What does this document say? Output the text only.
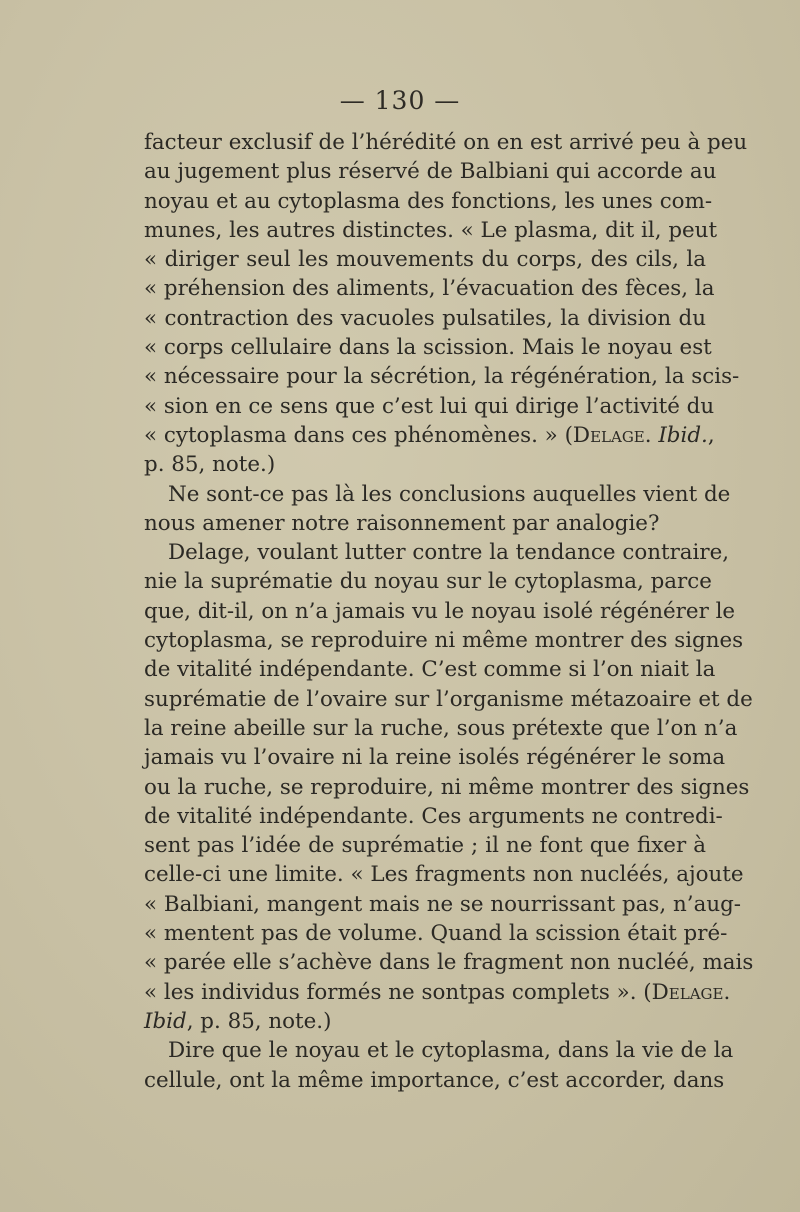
— 130 —
facteur exclusif de l’hérédité on en est arrivé peu à peu
au jugement plus réservé de Balbiani qui accorde au
noyau et au cytoplasma des fonctions, les unes com-
munes, les autres distinctes. « Le plasma, dit il, peut
« diriger seul les mouvements du corps, des cils, la
« préhension des aliments, l’évacuation des fèces, la
« contraction des vacuoles pulsatiles, la division du
« corps cellulaire dans la scission. Mais le noyau est
« nécessaire pour la sécrétion, la régénération, la scis-
« sion en ce sens que c’est lui qui dirige l’activité du
« cytoplasma dans ces phénomènes. » (Delage. Ibid.,
p. 85, note.)
Ne sont-ce pas là les conclusions auquelles vient de
nous amener notre raisonnement par analogie?
Delage, voulant lutter contre la tendance contraire,
nie la suprématie du noyau sur le cytoplasma, parce
que, dit-il, on n’a jamais vu le noyau isolé régénérer le
cytoplasma, se reproduire ni même montrer des signes
de vitalité indépendante. C’est comme si l’on niait la
suprématie de l’ovaire sur l’organisme métazoaire et de
la reine abeille sur la ruche, sous prétexte que l’on n’a
jamais vu l’ovaire ni la reine isolés régénérer le soma
ou la ruche, se reproduire, ni même montrer des signes
de vitalité indépendante. Ces arguments ne contredi-
sent pas l’idée de suprématie ; il ne font que fixer à
celle-ci une limite. « Les fragments non nucléés, ajoute
« Balbiani, mangent mais ne se nourrissant pas, n’aug-
« mentent pas de volume. Quand la scission était pré-
« parée elle s’achève dans le fragment non nucléé, mais
« les individus formés ne sontpas complets ». (Delage.
Ibid, p. 85, note.)
Dire que le noyau et le cytoplasma, dans la vie de la
cellule, ont la même importance, c’est accorder, dans
